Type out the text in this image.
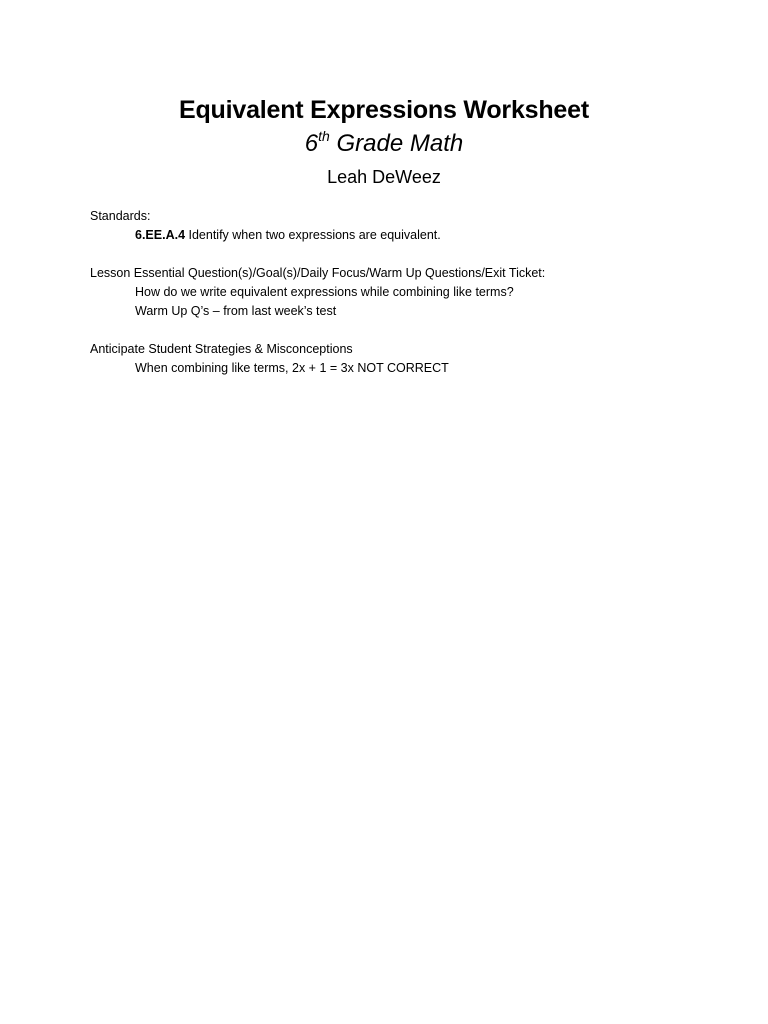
Equivalent Expressions Worksheet
6th Grade Math
Leah DeWeez
Standards:
6.EE.A.4 Identify when two expressions are equivalent.
Lesson Essential Question(s)/Goal(s)/Daily Focus/Warm Up Questions/Exit Ticket:
How do we write equivalent expressions while combining like terms?
Warm Up Q’s – from last week’s test
Anticipate Student Strategies & Misconceptions
When combining like terms, 2x + 1 = 3x NOT CORRECT
